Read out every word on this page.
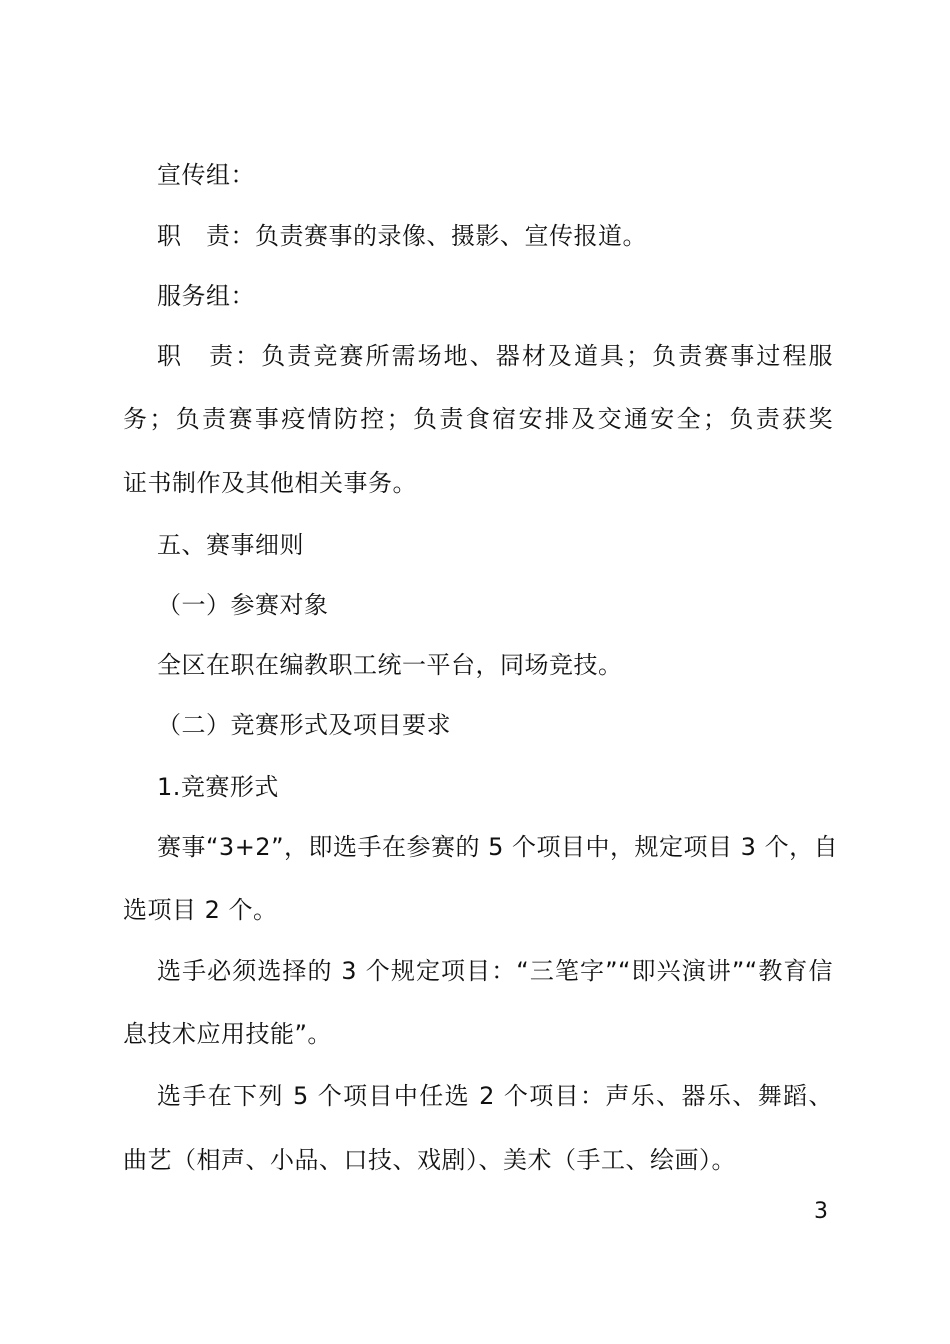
宣传组：
职　责：负责赛事的录像、摄影、宣传报道。
服务组：
职　责：负责竞赛所需场地、器材及道具；负责赛事过程服
务；负责赛事疫情防控；负责食宿安排及交通安全；负责获奖
证书制作及其他相关事务。
五、赛事细则
（一）参赛对象
全区在职在编教职工统一平台，同场竞技。
（二）竞赛形式及项目要求
1.竞赛形式
赛事“3+2”，即选手在参赛的 5 个项目中，规定项目 3 个，自
选项目 2 个。
选手必须选择的 3 个规定项目：“三笔字”“即兴演讲”“教育信
息技术应用技能”。
选手在下列 5 个项目中任选 2 个项目：声乐、器乐、舞蹈、
曲艺（相声、小品、口技、戏剧）、美术（手工、绘画）。
3
